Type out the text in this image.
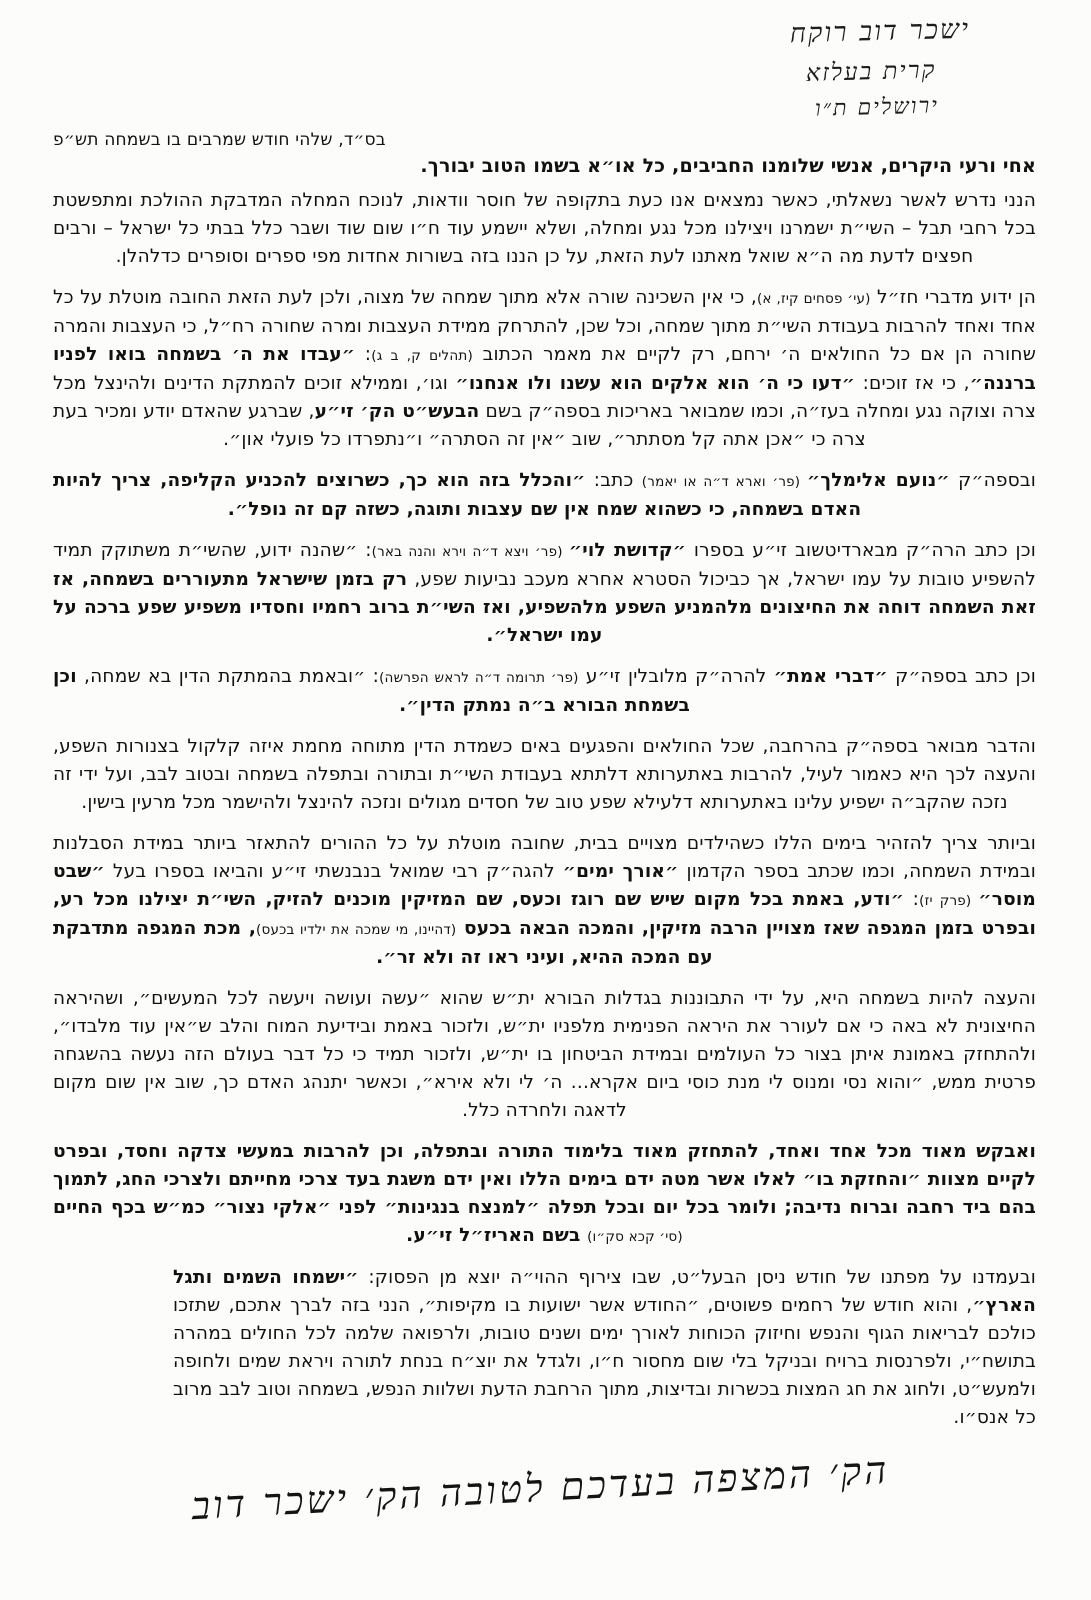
ישכר דוב רוקח
קרית בעלזא
ירושלים ת״ו
בס״ד, שלהי חודש שמרבים בו בשמחה תש״פ
אחי ורעי היקרים, אנשי שלומנו החביבים, כל או״א בשמו הטוב יבורך.

הנני נדרש לאשר נשאלתי, כאשר נמצאים אנו כעת בתקופה של חוסר וודאות, לנוכח המחלה המדבקת ההולכת ומתפשטת בכל רחבי תבל – השי״ת ישמרנו ויצילנו מכל נגע ומחלה, ושלא יישמע עוד ח״ו שום שוד ושבר כלל בבתי כל ישראל – ורבים חפצים לדעת מה ה״א שואל מאתנו לעת הזאת, על כן הננו בזה בשורות אחדות מפי ספרים וסופרים כדלהלן.

הן ידוע מדברי חז״ל (עי׳ פסחים קיז, א), כי אין השכינה שורה אלא מתוך שמחה של מצוה, ולכן לעת הזאת החובה מוטלת על כל אחד ואחד להרבות בעבודת השי״ת מתוך שמחה, וכל שכן, להתרחק ממידת העצבות ומרה שחורה רח״ל, כי העצבות והמרה שחורה הן אם כל החולאים ה׳ ירחם, רק לקיים את מאמר הכתוב (תהלים ק, ב ג): ״עבדו את ה׳ בשמחה בואו לפניו ברננה״, כי אז זוכים: ״דעו כי ה׳ הוא אלקים הוא עשנו ולו אנחנו״ וגו׳, וממילא זוכים להמתקת הדינים ולהינצל מכל צרה וצוקה נגע ומחלה בעז״ה, וכמו שמבואר באריכות בספה״ק בשם הבעש״ט הק׳ זי״ע, שברגע שהאדם יודע ומכיר בעת צרה כי ״אכן אתה קל מסתתר״, שוב ״אין זה הסתרה״ ו״נתפרדו כל פועלי און״.

ובספה״ק ״נועם אלימלך״ (פר׳ וארא ד״ה או יאמר) כתב: ״והכלל בזה הוא כך, כשרוצים להכניע הקליפה, צריך להיות האדם בשמחה, כי כשהוא שמח אין שם עצבות ותוגה, כשזה קם זה נופל״.

וכן כתב הרה״ק מבארדיטשוב זי״ע בספרו ״קדושת לוי״ (פר׳ ויצא ד״ה וירא והנה באר): ״שהנה ידוע, שהשי״ת משתוקק תמיד להשפיע טובות על עמו ישראל, אך כביכול הסטרא אחרא מעכב נביעות שפע, רק בזמן שישראל מתעוררים בשמחה, אז זאת השמחה דוחה את החיצונים מלהמניע השפע מלהשפיע, ואז השי״ת ברוב רחמיו וחסדיו משפיע שפע ברכה על עמו ישראל״.

וכן כתב בספה״ק ״דברי אמת״ להרה״ק מלובלין זי״ע (פר׳ תרומה ד״ה לראש הפרשה): ״ובאמת בהמתקת הדין בא שמחה, וכן בשמחת הבורא ב״ה נמתק הדין״.

והדבר מבואר בספה״ק בהרחבה, שכל החולאים והפגעים באים כשמדת הדין מתוחה מחמת איזה קלקול בצנורות השפע, והעצה לכך היא כאמור לעיל, להרבות באתערותא דלתתא בעבודת השי״ת ובתורה ובתפלה בשמחה ובטוב לבב, ועל ידי זה נזכה שהקב״ה ישפיע עלינו באתערותא דלעילא שפע טוב של חסדים מגולים ונזכה להינצל ולהישמר מכל מרעין בישין.

וביותר צריך להזהיר בימים הללו כשהילדים מצויים בבית, שחובה מוטלת על כל ההורים להתאזר ביותר במידת הסבלנות ובמידת השמחה, וכמו שכתב בספר הקדמון ״אורך ימים״ להגה״ק רבי שמואל בנבנשתי זי״ע והביאו בספרו בעל ״שבט מוסר״ (פרק יז): ״ודע, באמת בכל מקום שיש שם רוגז וכעס, שם המזיקין מוכנים להזיק, השי״ת יצילנו מכל רע, ובפרט בזמן המגפה שאז מצויין הרבה מזיקין, והמכה הבאה בכעס (דהיינו, מי שמכה את ילדיו בכעס), מכת המגפה מתדבקת עם המכה ההיא, ועיני ראו זה ולא זר״.

והעצה להיות בשמחה היא, על ידי התבוננות בגדלות הבורא ית״ש שהוא ״עשה ועושה ויעשה לכל המעשים״, ושהיראה החיצונית לא באה כי אם לעורר את היראה הפנימית מלפניו ית״ש, ולזכור באמת ובידיעת המוח והלב ש״אין עוד מלבדו״, ולהתחזק באמונת איתן בצור כל העולמים ובמידת הביטחון בו ית״ש, ולזכור תמיד כי כל דבר בעולם הזה נעשה בהשגחה פרטית ממש, ״והוא נסי ומנוס לי מנת כוסי ביום אקרא... ה׳ לי ולא אירא״, וכאשר יתנהג האדם כך, שוב אין שום מקום לדאגה ולחרדה כלל.

ואבקש מאוד מכל אחד ואחד, להתחזק מאוד בלימוד התורה ובתפלה, וכן להרבות במעשי צדקה וחסד, ובפרט לקיים מצוות ״והחזקת בו״ לאלו אשר מטה ידם בימים הללו ואין ידם משגת בעד צרכי מחייתם ולצרכי החג, לתמוך בהם ביד רחבה וברוח נדיבה; ולומר בכל יום ובכל תפלה ״למנצח בנגינות״ לפני ״אלקי נצור״ כמ״ש בכף החיים (סי׳ קכא סק״ו) בשם האריז״ל זי״ע.

ובעמדנו על מפתנו של חודש ניסן הבעל״ט, שבו צירוף ההוי״ה יוצא מן הפסוק: ״ישמחו השמים ותגל הארץ״, והוא חודש של רחמים פשוטים, ״החודש אשר ישועות בו מקיפות״, הנני בזה לברך אתכם, שתזכו כולכם לבריאות הגוף והנפש וחיזוק הכוחות לאורך ימים ושנים טובות, ולרפואה שלמה לכל החולים במהרה בתושח״י, ולפרנסות ברויח ובניקל בלי שום מחסור ח״ו, ולגדל את יוצ״ח בנחת לתורה ויראת שמים ולחופה ולמעש״ט, ולחוג את חג המצות בכשרות ובדיצות, מתוך הרחבת הדעת ושלוות הנפש, בשמחה וטוב לבב מרוב כל אנס״ו.

הק׳ המצפה בעדכם לטובה הק׳ ישכר דוב
